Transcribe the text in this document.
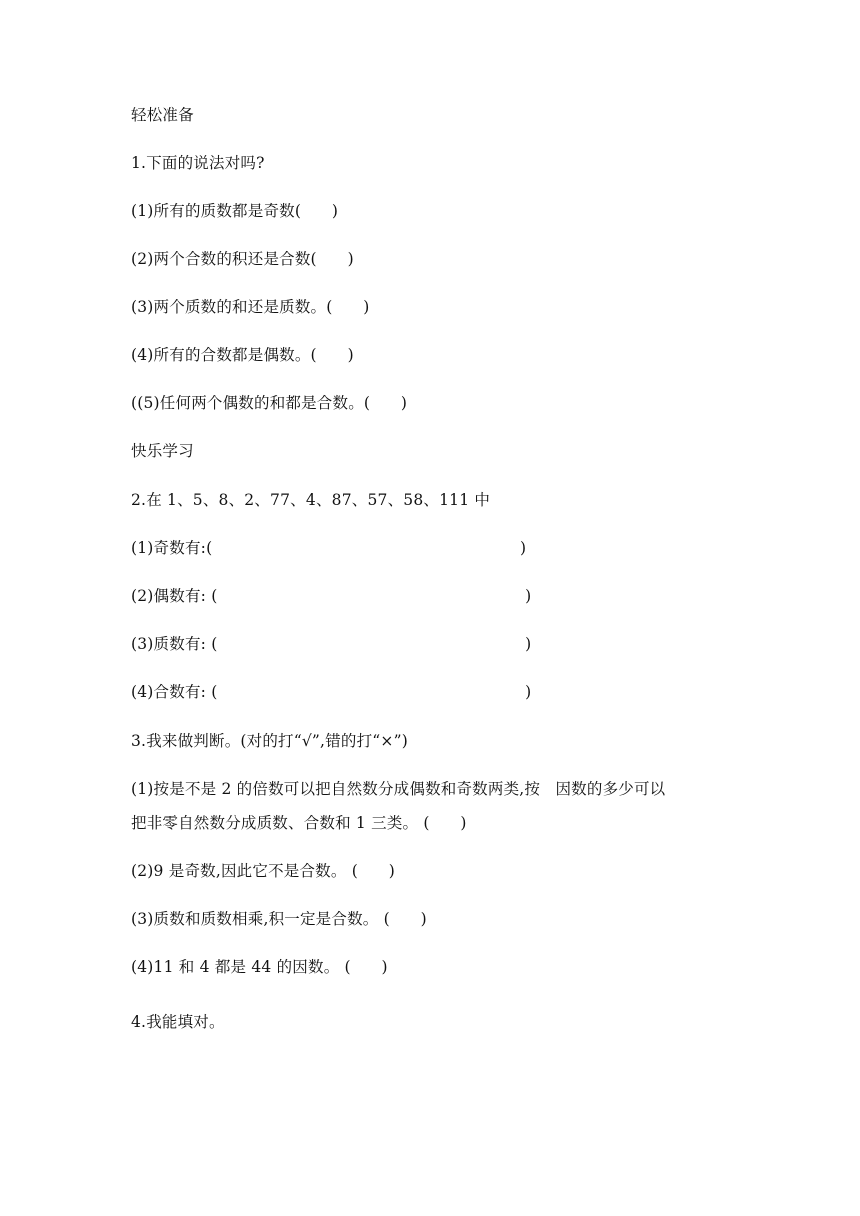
轻松准备
1.下面的说法对吗?
(1)所有的质数都是奇数(      )
(2)两个合数的积还是合数(      )
(3)两个质数的和还是质数。(      )
(4)所有的合数都是偶数。(      )
((5)任何两个偶数的和都是合数。(      )
快乐学习
2.在 1、5、8、2、77、4、87、57、58、111 中
(1)奇数有:(                                                            )
(2)偶数有: (                                                            )
(3)质数有: (                                                            )
(4)合数有: (                                                            )
3.我来做判断。(对的打“√”,错的打“×”)
(1)按是不是 2 的倍数可以把自然数分成偶数和奇数两类,按   因数的多少可以
把非零自然数分成质数、合数和 1 三类。 (      )
(2)9 是奇数,因此它不是合数。 (      )
(3)质数和质数相乘,积一定是合数。 (      )
(4)11 和 4 都是 44 的因数。 (      )
4.我能填对。
